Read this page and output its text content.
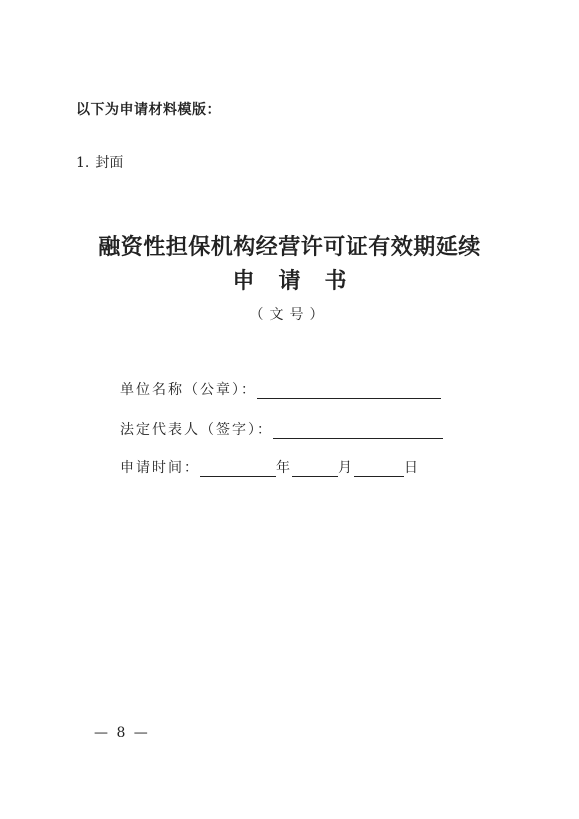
以下为申请材料模版：
1. 封面
融资性担保机构经营许可证有效期延续
申请书
（文号）
单位名称（公章）：
法定代表人（签字）：
申请时间：	年	月	日
— 8 —
